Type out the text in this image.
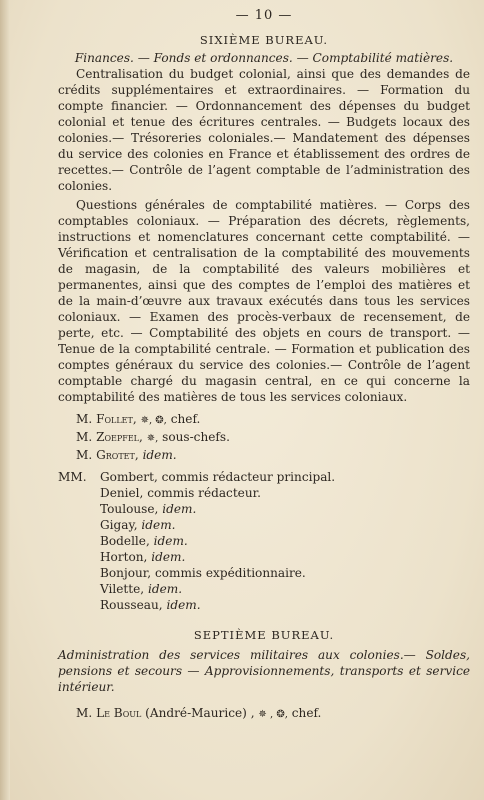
— 10 —
SIXIÈME BUREAU.
Finances. — Fonds et ordonnances. — Comptabilité matières.

Centralisation du budget colonial, ainsi que des demandes de crédits supplémentaires et extraordinaires. — Formation du compte financier. — Ordonnancement des dépenses du budget colonial et tenue des écritures centrales. — Budgets locaux des colonies.— Trésoreries coloniales.— Mandatement des dépenses du service des colonies en France et établissement des ordres de recettes.— Contrôle de l’agent comptable de l’administration des colonies.

Questions générales de comptabilité matières. — Corps des comptables coloniaux. — Préparation des décrets, règlements, instructions et nomenclatures concernant cette comptabilité. — Vérification et centralisation de la comptabilité des mouvements de magasin, de la comptabilité des valeurs mobilières et permanentes, ainsi que des comptes de l’emploi des matières et de la main-d’œuvre aux travaux exécutés dans tous les services coloniaux. — Examen des procès-verbaux de recensement, de perte, etc. — Comptabilité des objets en cours de transport. — Tenue de la comptabilité centrale. — Formation et publication des comptes généraux du service des colonies.— Contrôle de l’agent comptable chargé du magasin central, en ce qui concerne la comptabilité des matières de tous les services coloniaux.

M. Follet, ✵, ❂, chef.
M. Zoepfel, ✵, sous-chefs.
M. Grotet, idem.
MM.	Gombert, commis rédacteur principal.
Deniel, commis rédacteur.
Toulouse, idem.
Gigay, idem.
Bodelle, idem.
Horton, idem.
Bonjour, commis expéditionnaire.
Vilette, idem.
Rousseau, idem.
SEPTIÈME BUREAU.
Administration des services militaires aux colonies.— Soldes, pensions et secours — Approvisionnements, transports et service intérieur.
M. Le Boul (André-Maurice) , ✵ , ❂, chef.
